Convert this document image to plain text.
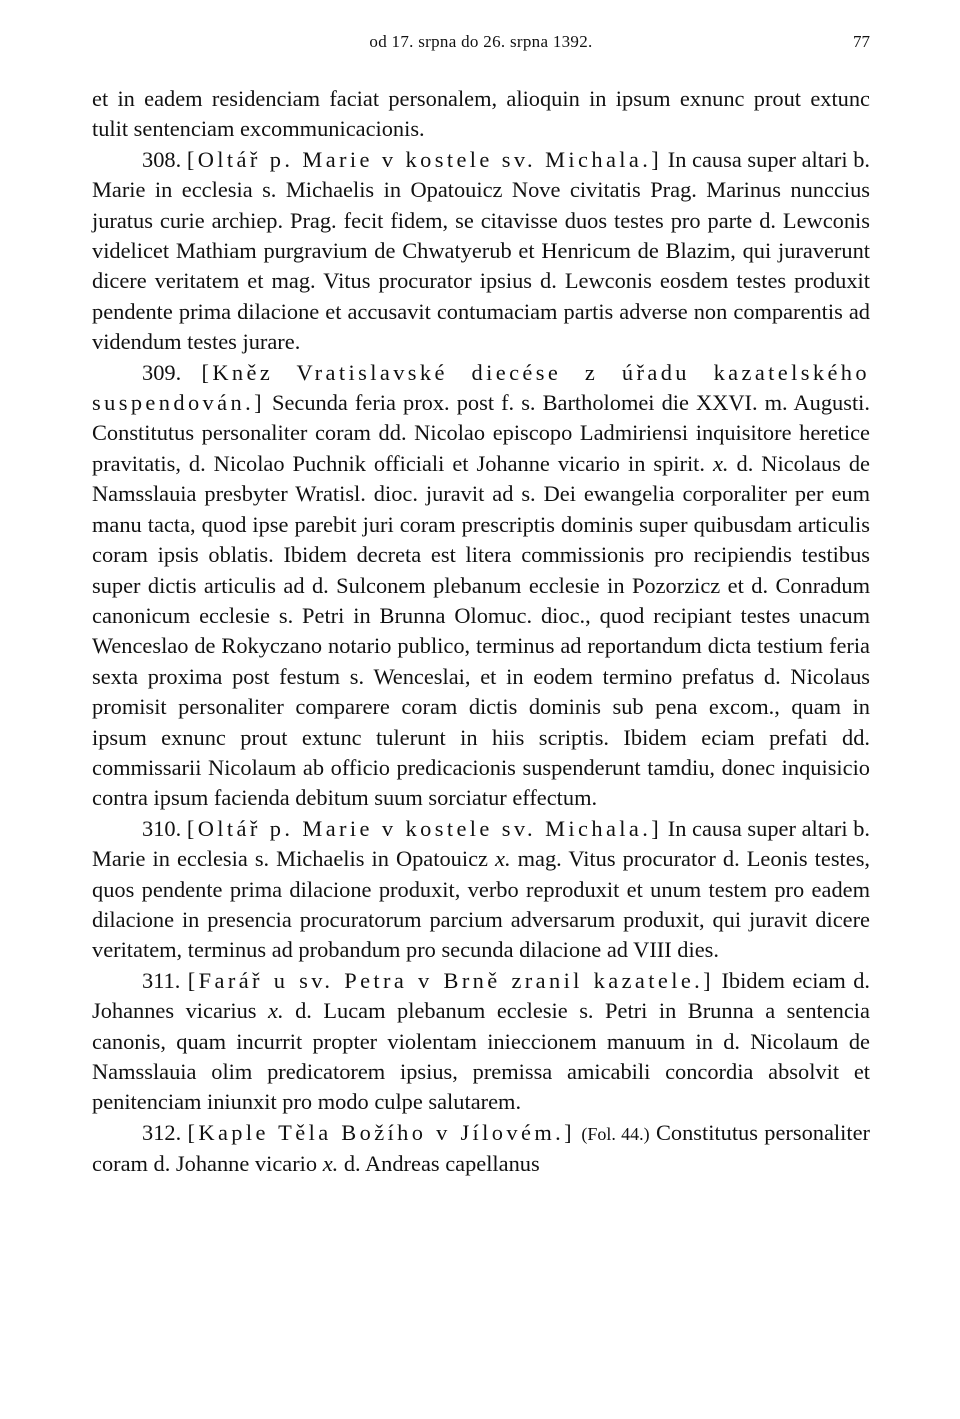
od 17. srpna do 26. srpna 1392.	77

et in eadem residenciam faciat personalem, alioquin in ipsum exnunc prout extunc tulit sentenciam excommunicacionis.

308. [Oltář p. Marie v kostele sv. Michala.] In causa super altari b. Marie in ecclesia s. Michaelis in Opatouicz Nove civitatis Prag. Marinus nunccius juratus curie archiep. Prag. fecit fidem, se citavisse duos testes pro parte d. Lewconis videlicet Mathiam purgravium de Chwatyerub et Henricum de Blazim, qui juraverunt dicere veritatem et mag. Vitus procurator ipsius d. Lewconis eosdem testes produxit pendente prima dilacione et accusavit contumaciam partis adverse non comparentis ad videndum testes jurare.

309. [Kněz Vratislavské diecése z úřadu kazatelského suspendován.] Secunda feria prox. post f. s. Bartholomei die XXVI. m. Augusti. Constitutus personaliter coram dd. Nicolao episcopo Ladmiriensi inquisitore heretice pravitatis, d. Nicolao Puchnik officiali et Johanne vicario in spirit. x. d. Nicolaus de Namsslauia presbyter Wratisl. dioc. juravit ad s. Dei ewangelia corporaliter per eum manu tacta, quod ipse parebit juri coram prescriptis dominis super quibusdam articulis coram ipsis oblatis. Ibidem decreta est litera commissionis pro recipiendis testibus super dictis articulis ad d. Sulconem plebanum ecclesie in Pozorzicz et d. Conradum canonicum ecclesie s. Petri in Brunna Olomuc. dioc., quod recipiant testes unacum Wenceslao de Rokyczano notario publico, terminus ad reportandum dicta testium feria sexta proxima post festum s. Wenceslai, et in eodem termino prefatus d. Nicolaus promisit personaliter comparere coram dictis dominis sub pena excom., quam in ipsum exnunc prout extunc tulerunt in hiis scriptis. Ibidem eciam prefati dd. commissarii Nicolaum ab officio predicacionis suspenderunt tamdiu, donec inquisicio contra ipsum facienda debitum suum sorciatur effectum.

310. [Oltář p. Marie v kostele sv. Michala.] In causa super altari b. Marie in ecclesia s. Michaelis in Opatouicz x. mag. Vitus procurator d. Leonis testes, quos pendente prima dilacione produxit, verbo reproduxit et unum testem pro eadem dilacione in presencia procuratorum parcium adversarum produxit, qui juravit dicere veritatem, terminus ad probandum pro secunda dilacione ad VIII dies.

311. [Farář u sv. Petra v Brně zranil kazatele.] Ibidem eciam d. Johannes vicarius x. d. Lucam plebanum ecclesie s. Petri in Brunna a sentencia canonis, quam incurrit propter violentam inieccionem manuum in d. Nicolaum de Namsslauia olim predicatorem ipsius, premissa amicabili concordia absolvit et penitenciam iniunxit pro modo culpe salutarem.

312. [Kaple Těla Božího v Jílovém.] (Fol. 44.) Constitutus personaliter coram d. Johanne vicario x. d. Andreas capellanus
